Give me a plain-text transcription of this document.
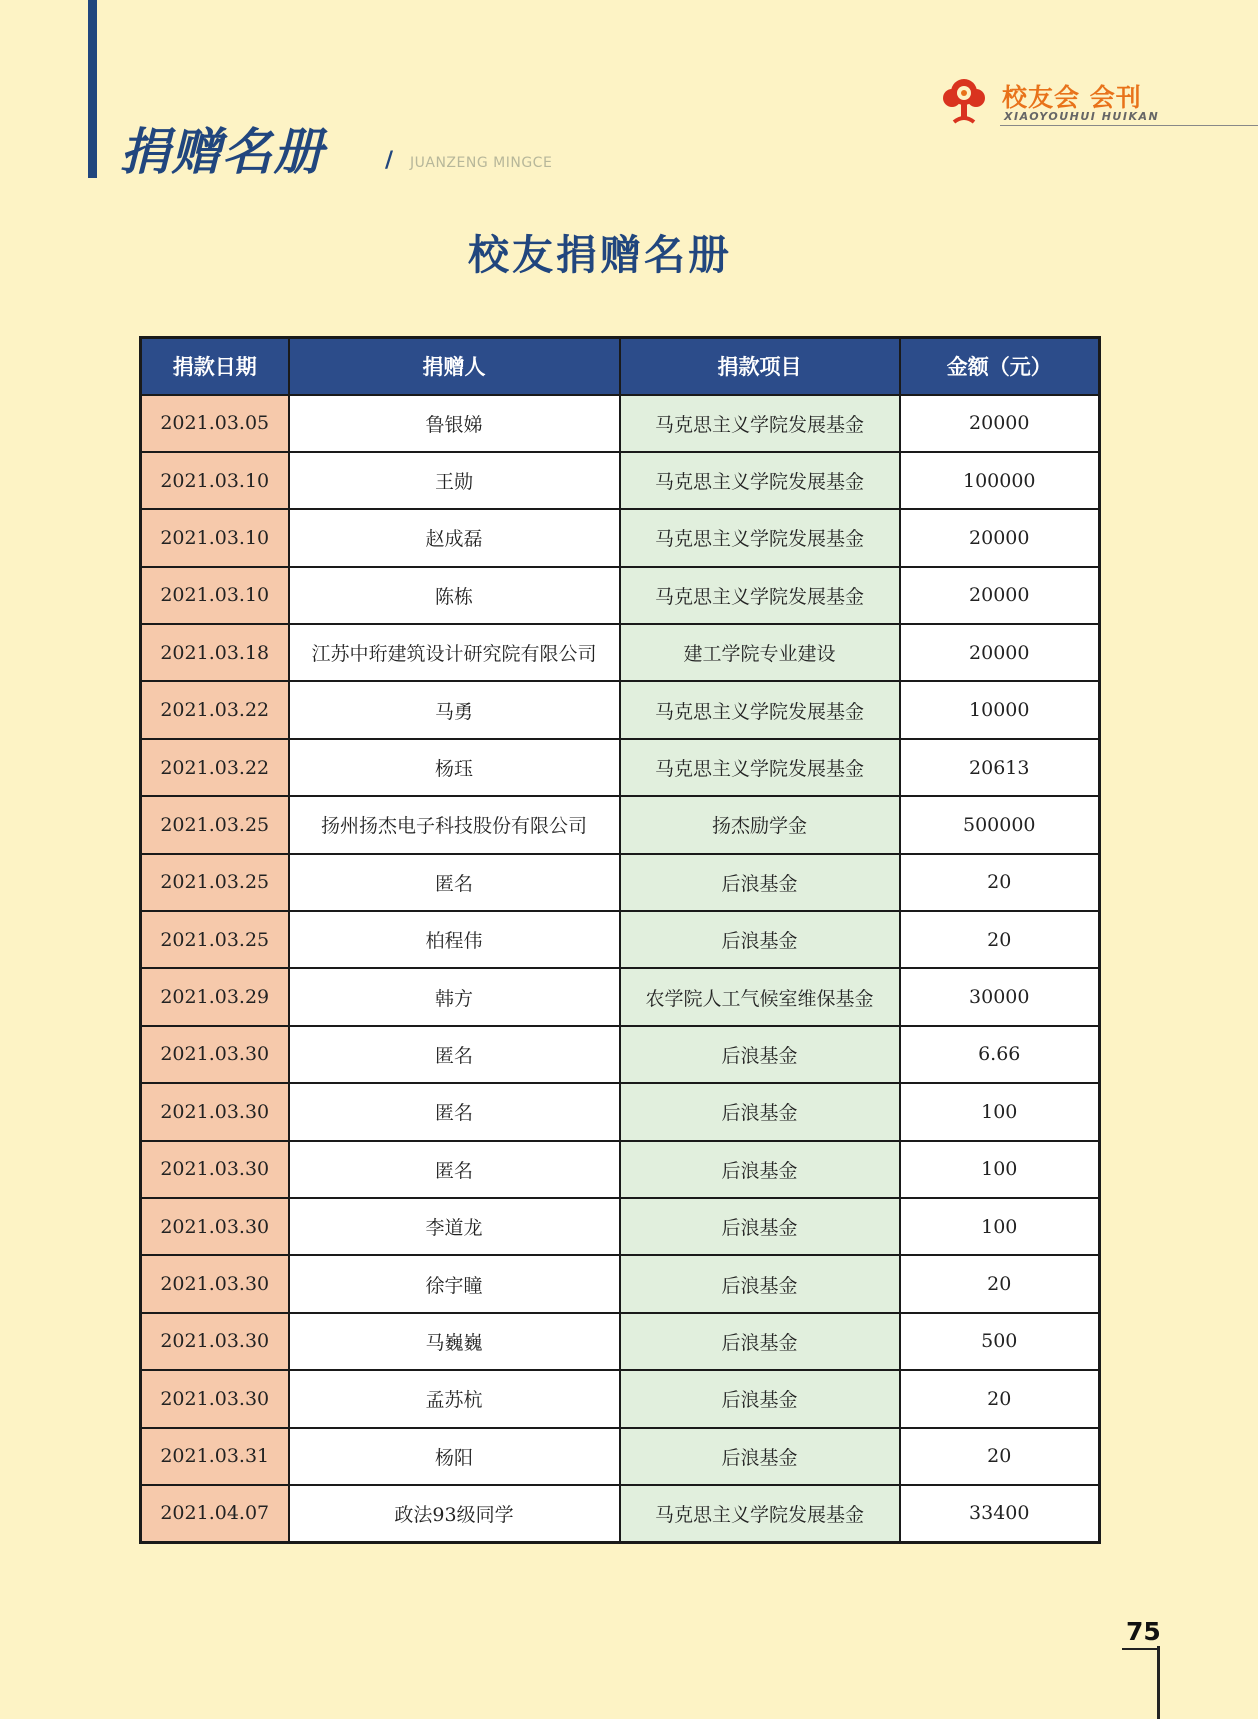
捐赠名册	/ JUANZENG MINGCE
校友会 会刊
XIAOYOUHUI HUIKAN
校友捐赠名册
捐款日期	捐赠人	捐款项目	金额（元）
2021.03.05	鲁银娣	马克思主义学院发展基金	20000
2021.03.10	王勋	马克思主义学院发展基金	100000
2021.03.10	赵成磊	马克思主义学院发展基金	20000
2021.03.10	陈栋	马克思主义学院发展基金	20000
2021.03.18	江苏中珩建筑设计研究院有限公司	建工学院专业建设	20000
2021.03.22	马勇	马克思主义学院发展基金	10000
2021.03.22	杨珏	马克思主义学院发展基金	20613
2021.03.25	扬州扬杰电子科技股份有限公司	扬杰励学金	500000
2021.03.25	匿名	后浪基金	20
2021.03.25	柏程伟	后浪基金	20
2021.03.29	韩方	农学院人工气候室维保基金	30000
2021.03.30	匿名	后浪基金	6.66
2021.03.30	匿名	后浪基金	100
2021.03.30	匿名	后浪基金	100
2021.03.30	李道龙	后浪基金	100
2021.03.30	徐宇瞳	后浪基金	20
2021.03.30	马巍巍	后浪基金	500
2021.03.30	孟苏杭	后浪基金	20
2021.03.31	杨阳	后浪基金	20
2021.04.07	政法93级同学	马克思主义学院发展基金	33400
75
